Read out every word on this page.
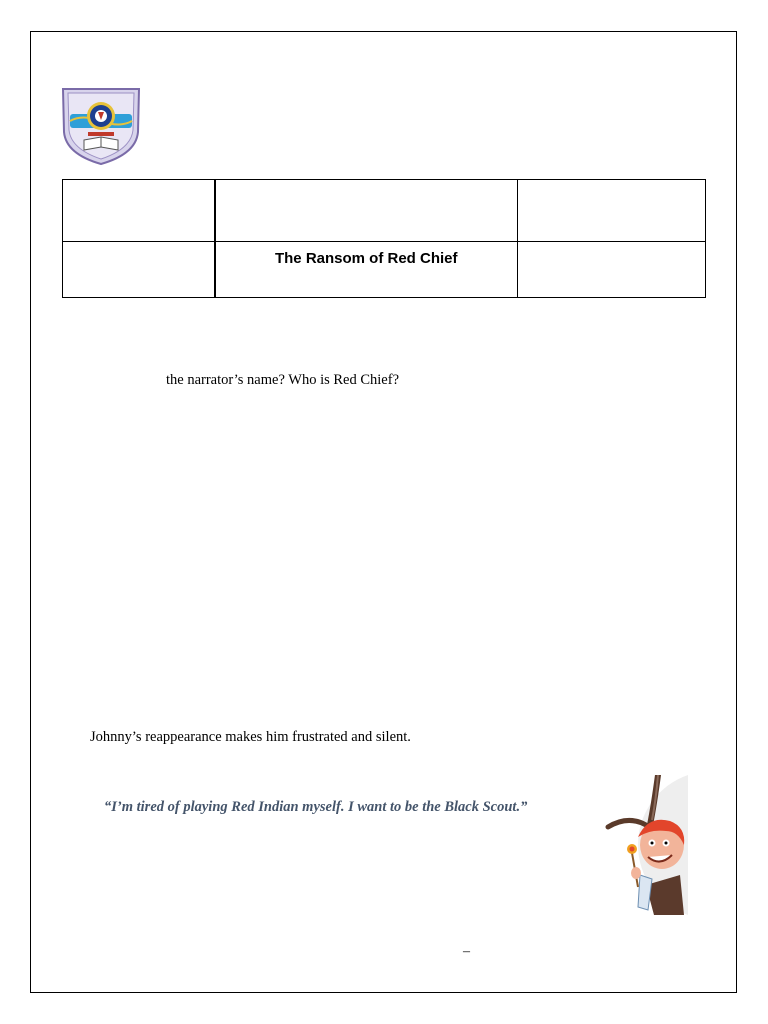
	The Ransom of Red Chief	
the narrator’s name? Who is Red Chief?
Johnny’s reappearance makes him frustrated and silent.
“I’m tired of playing Red Indian myself. I want to be the Black Scout.”
–
